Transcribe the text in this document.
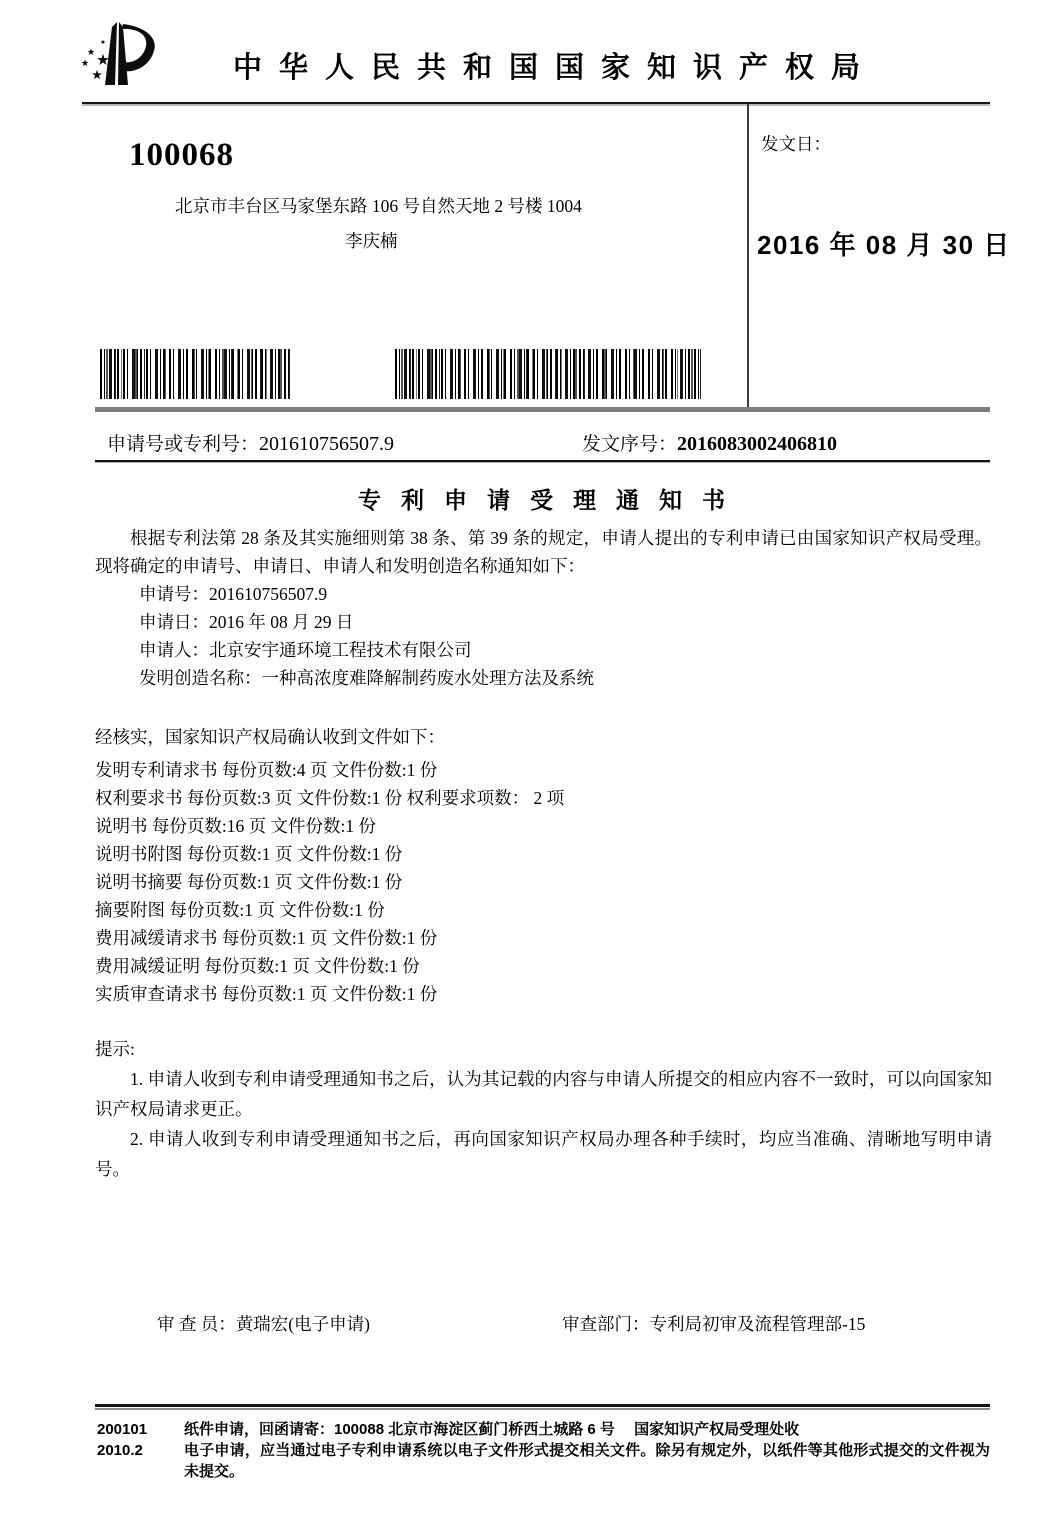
中华人民共和国国家知识产权局
100068
北京市丰台区马家堡东路 106 号自然天地 2 号楼 1004
李庆楠
发文日：
2016 年 08 月 30 日
申请号或专利号：201610756507.9	发文序号：2016083002406810
专利申请受理通知书
根据专利法第 28 条及其实施细则第 38 条、第 39 条的规定，申请人提出的专利申请已由国家知识产权局受理。现将确定的申请号、申请日、申请人和发明创造名称通知如下：
申请号：201610756507.9
申请日：2016 年 08 月 29 日
申请人：北京安宇通环境工程技术有限公司
发明创造名称：一种高浓度难降解制药废水处理方法及系统
经核实，国家知识产权局确认收到文件如下：
发明专利请求书 每份页数:4 页 文件份数:1 份
权利要求书 每份页数:3 页 文件份数:1 份 权利要求项数： 2 项
说明书 每份页数:16 页 文件份数:1 份
说明书附图 每份页数:1 页 文件份数:1 份
说明书摘要 每份页数:1 页 文件份数:1 份
摘要附图 每份页数:1 页 文件份数:1 份
费用减缓请求书 每份页数:1 页 文件份数:1 份
费用减缓证明 每份页数:1 页 文件份数:1 份
实质审查请求书 每份页数:1 页 文件份数:1 份
提示:
1. 申请人收到专利申请受理通知书之后，认为其记载的内容与申请人所提交的相应内容不一致时，可以向国家知识产权局请求更正。
2. 申请人收到专利申请受理通知书之后，再向国家知识产权局办理各种手续时，均应当准确、清晰地写明申请号。
审 查 员：黄瑞宏(电子申请)	审查部门：专利局初审及流程管理部-15
200101
2010.2
纸件申请，回函请寄：100088 北京市海淀区蓟门桥西土城路 6 号　 国家知识产权局受理处收
电子申请，应当通过电子专利申请系统以电子文件形式提交相关文件。除另有规定外，以纸件等其他形式提交的文件视为未提交。
